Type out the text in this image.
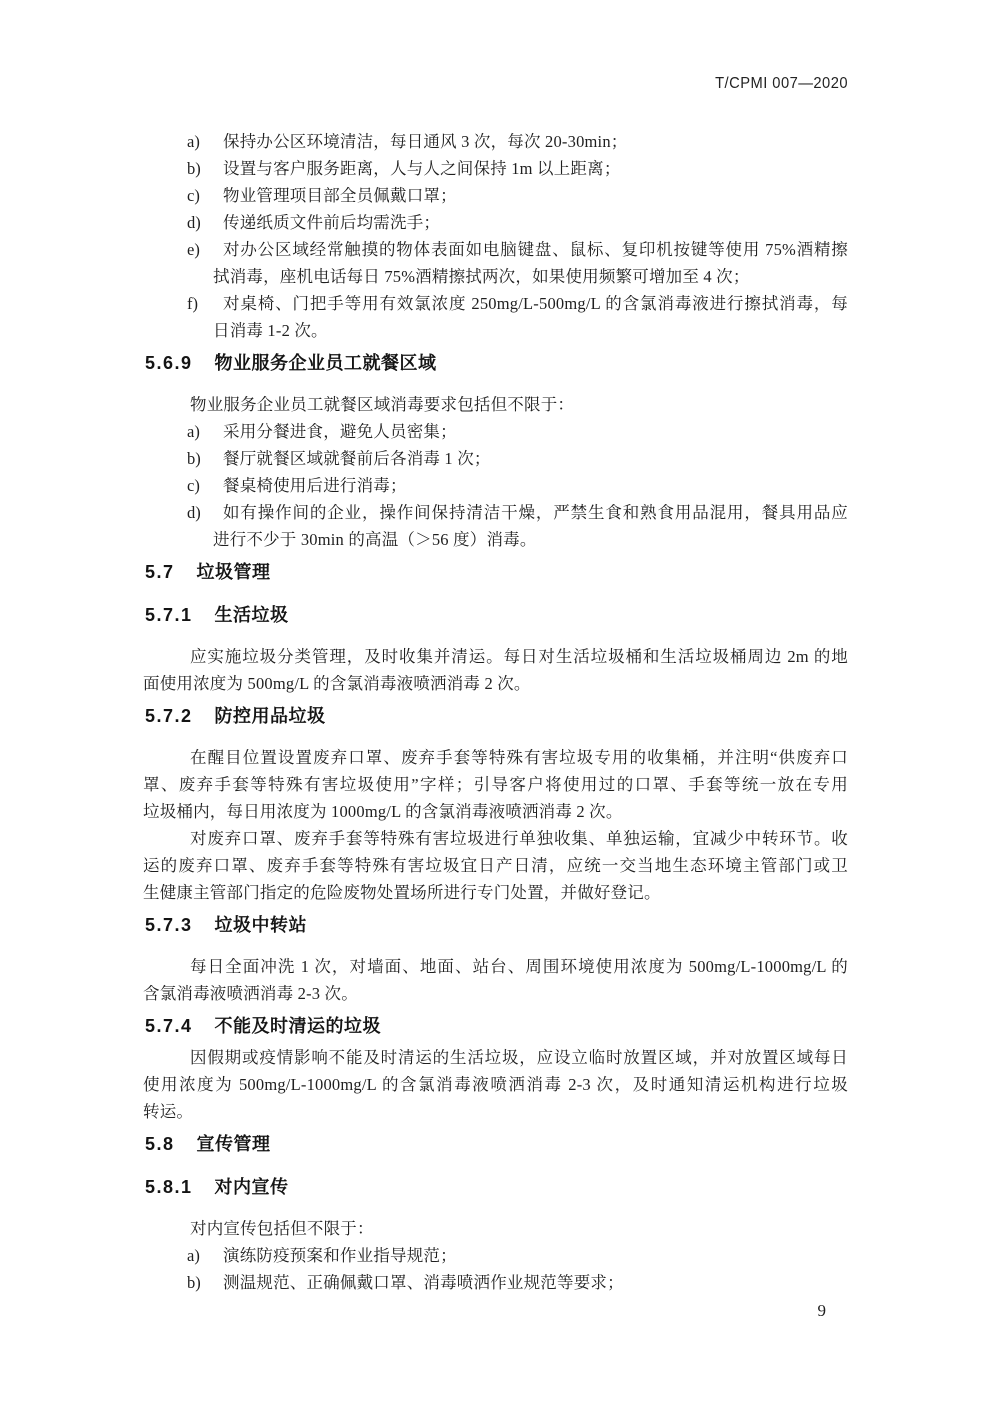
T/CPMI 007—2020
a)	保持办公区环境清洁，每日通风 3 次，每次 20-30min；
b)	设置与客户服务距离，人与人之间保持 1m 以上距离；
c)	物业管理项目部全员佩戴口罩；
d)	传递纸质文件前后均需洗手；
e)	对办公区域经常触摸的物体表面如电脑键盘、鼠标、复印机按键等使用 75%酒精擦
拭消毒，座机电话每日 75%酒精擦拭两次，如果使用频繁可增加至 4 次；
f)	对桌椅、门把手等用有效氯浓度 250mg/L-500mg/L 的含氯消毒液进行擦拭消毒，每
日消毒 1-2 次。
5.6.9 物业服务企业员工就餐区域
物业服务企业员工就餐区域消毒要求包括但不限于：
a)	采用分餐进食，避免人员密集；
b)	餐厅就餐区域就餐前后各消毒 1 次；
c)	餐桌椅使用后进行消毒；
d)	如有操作间的企业，操作间保持清洁干燥，严禁生食和熟食用品混用，餐具用品应
进行不少于 30min 的高温（＞56 度）消毒。
5.7 垃圾管理
5.7.1 生活垃圾
应实施垃圾分类管理，及时收集并清运。每日对生活垃圾桶和生活垃圾桶周边 2m 的地
面使用浓度为 500mg/L 的含氯消毒液喷洒消毒 2 次。
5.7.2 防控用品垃圾
在醒目位置设置废弃口罩、废弃手套等特殊有害垃圾专用的收集桶，并注明“供废弃口
罩、废弃手套等特殊有害垃圾使用”字样；引导客户将使用过的口罩、手套等统一放在专用
垃圾桶内，每日用浓度为 1000mg/L 的含氯消毒液喷洒消毒 2 次。
对废弃口罩、废弃手套等特殊有害垃圾进行单独收集、单独运输，宜减少中转环节。收
运的废弃口罩、废弃手套等特殊有害垃圾宜日产日清，应统一交当地生态环境主管部门或卫
生健康主管部门指定的危险废物处置场所进行专门处置，并做好登记。
5.7.3 垃圾中转站
每日全面冲洗 1 次，对墙面、地面、站台、周围环境使用浓度为 500mg/L-1000mg/L 的
含氯消毒液喷洒消毒 2-3 次。
5.7.4 不能及时清运的垃圾
因假期或疫情影响不能及时清运的生活垃圾，应设立临时放置区域，并对放置区域每日
使用浓度为 500mg/L-1000mg/L 的含氯消毒液喷洒消毒 2-3 次，及时通知清运机构进行垃圾
转运。
5.8 宣传管理
5.8.1 对内宣传
对内宣传包括但不限于：
a)	演练防疫预案和作业指导规范；
b)	测温规范、正确佩戴口罩、消毒喷洒作业规范等要求；
9
